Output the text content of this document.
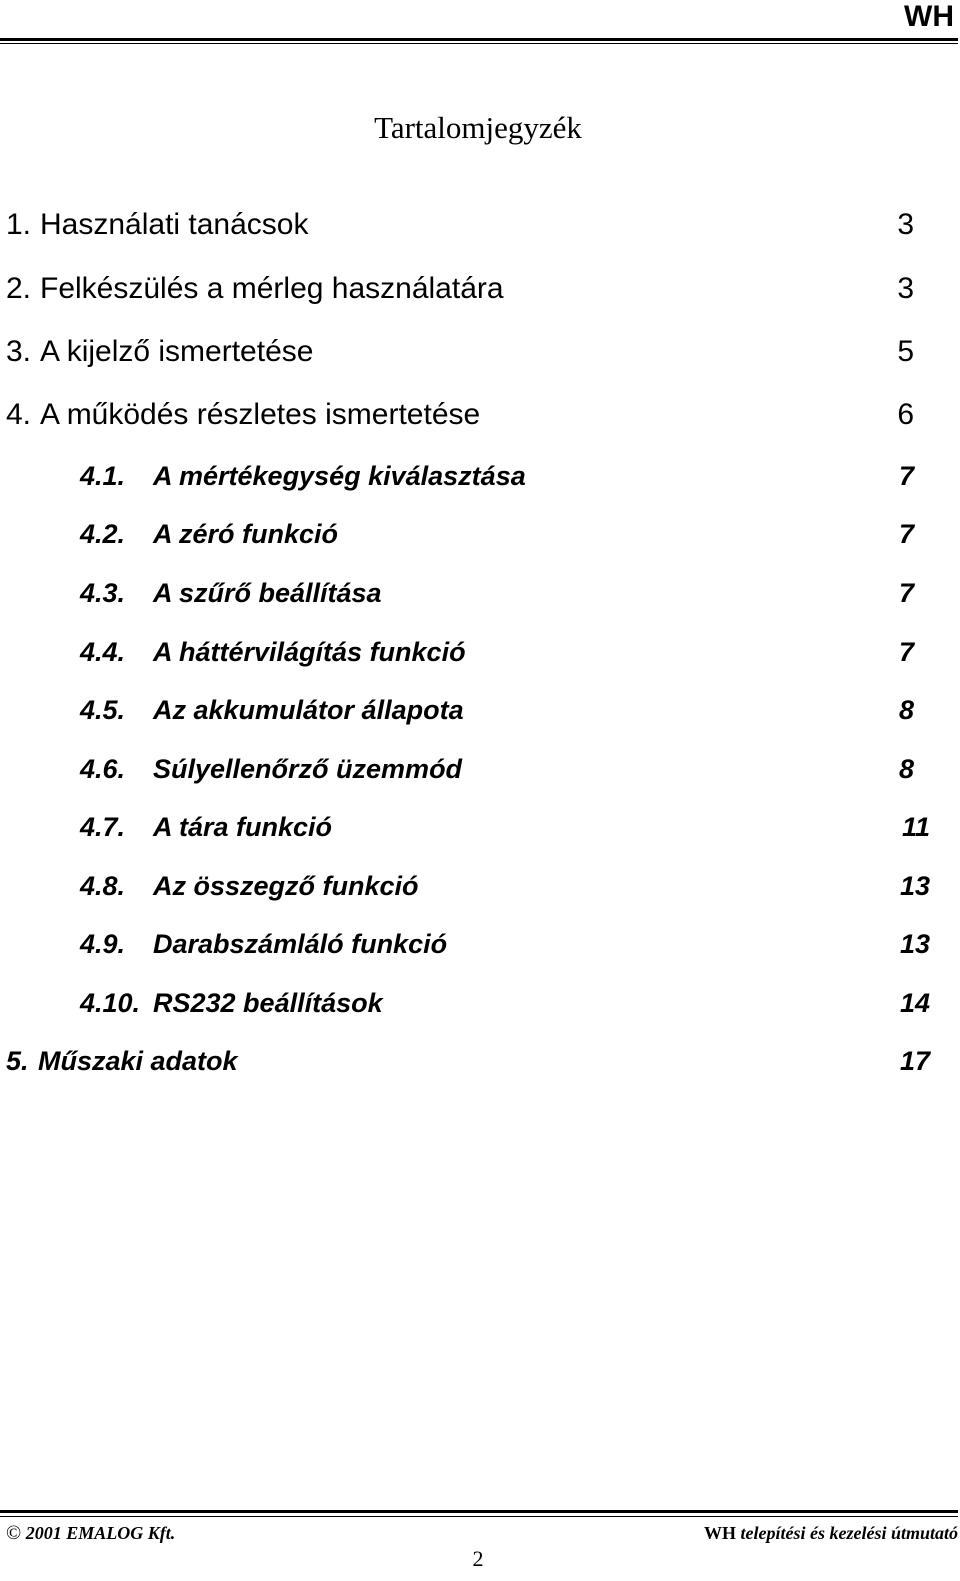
WH
Tartalomjegyzék
1. Használati tanácsok	3
2. Felkészülés a mérleg használatára	3
3. A kijelző ismertetése	5
4. A működés részletes ismertetése	6
4.1. A mértékegység kiválasztása	7
4.2. A zéró funkció	7
4.3. A szűrő beállítása	7
4.4. A háttérvilágítás funkció	7
4.5. Az akkumulátor állapota	8
4.6. Súlyellenőrző üzemmód	8
4.7. A tára funkció	11
4.8. Az összegző funkció	13
4.9. Darabszámláló funkció	13
4.10. RS232 beállítások	14
5. Műszaki adatok	17
© 2001 EMALOG Kft.	WH telepítési és kezelési útmutató
2
